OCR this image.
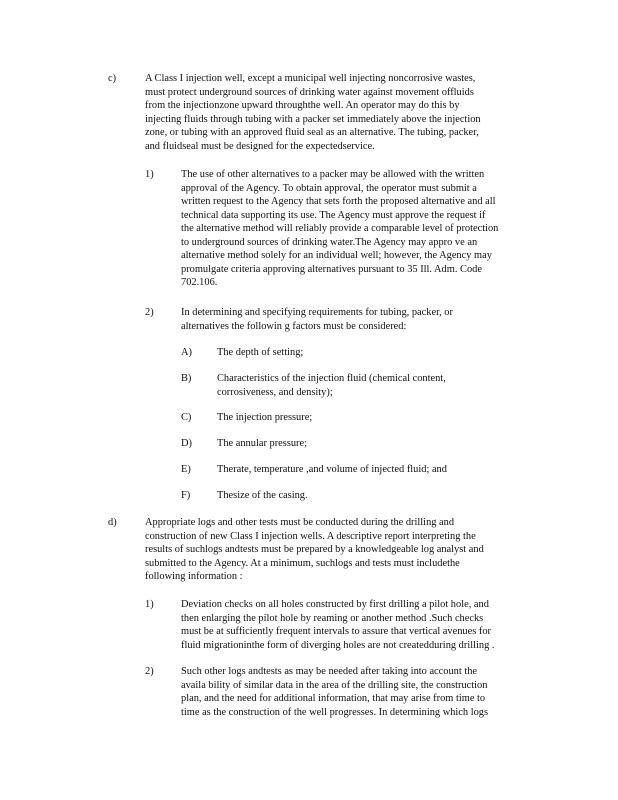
c)	A Class I injection well, except a municipal well injecting noncorrosive wastes,

must protect underground sources of drinking water against movement offluids

from the injectionzone upward throughthe well. An operator may do this by

injecting fluids through tubing with a packer set immediately above the injection

zone, or tubing with an approved fluid seal as an alternative. The tubing, packer,

and fluidseal must be designed for the expectedservice.

1)	The use of other alternatives to a packer may be allowed with the written

approval of the Agency. To obtain approval, the operator must submit a

written request to the Agency that sets forth the proposed alternative and all

technical data supporting its use. The Agency must approve the request if

the alternative method will reliably provide a comparable level of protection

to underground sources of drinking water.The Agency may appro ve an

alternative method solely for an individual well; however, the Agency may

promulgate criteria approving alternatives pursuant to 35 Ill. Adm. Code

702.106.

2)	In determining and specifying requirements for tubing, packer, or

alternatives the followin g factors must be considered:

A) The depth of setting;

B) Characteristics of the injection fluid (chemical content,

corrosiveness, and density);

C) The injection pressure;

D) The annular pressure;

E)	Therate, temperature ,and volume of injected fluid; and

F)	Thesize of the casing.

d)	Appropriate logs and other tests must be conducted during the drilling and

construction of new Class I injection wells. A descriptive report interpreting the

results of suchlogs andtests must be prepared by a knowledgeable log analyst and

submitted to the Agency. At a minimum, suchlogs and tests must includethe

following information :

1)	Deviation checks on all holes constructed by first drilling a pilot hole, and

then enlarging the pilot hole by reaming or another method .Such checks

must be at sufficiently frequent intervals to assure that vertical avenues for

fluid migrationinthe form of diverging holes are not createdduring drilling .

2)	Such other logs andtests as may be needed after taking into account the

availa bility of similar data in the area of the drilling site, the construction

plan, and the need for additional information, that may arise from time to

time as the construction of the well progresses. In determining which logs
